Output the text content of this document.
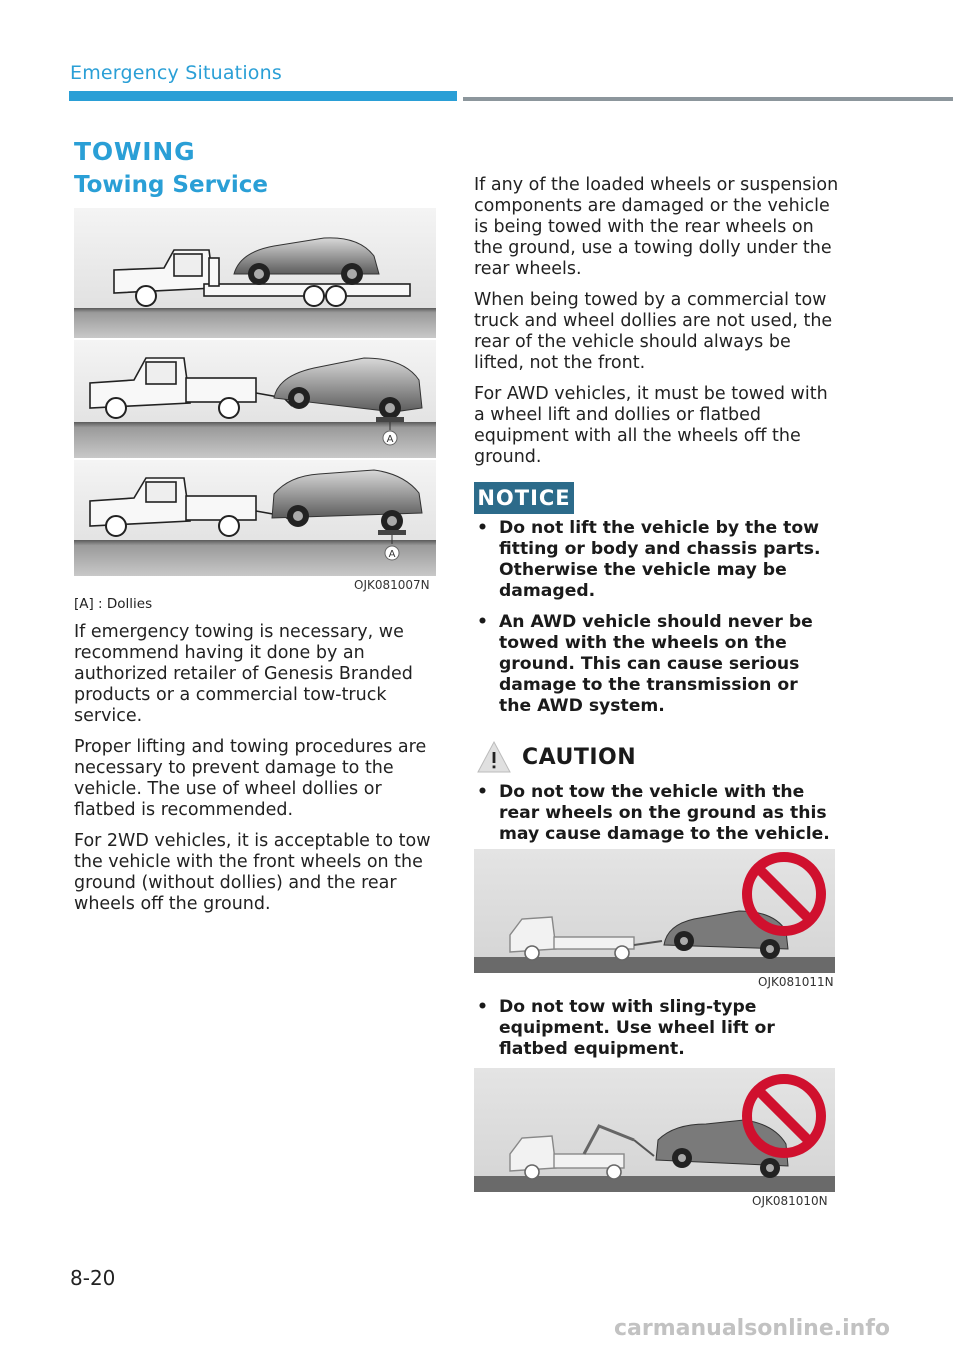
Emergency Situations
TOWING
Towing Service
A
A
OJK081007N
[A] : Dollies

If emergency towing is necessary, we recommend having it done by an authorized retailer of Genesis Branded products or a commercial tow-truck service.

Proper lifting and towing procedures are necessary to prevent damage to the vehicle. The use of wheel dollies or flatbed is recommended.

For 2WD vehicles, it is acceptable to tow the vehicle with the front wheels on the ground (without dollies) and the rear wheels off the ground.

If any of the loaded wheels or suspension components are damaged or the vehicle is being towed with the rear wheels on the ground, use a towing dolly under the rear wheels.

When being towed by a commercial tow truck and wheel dollies are not used, the rear of the vehicle should always be lifted, not the front.

For AWD vehicles, it must be towed with a wheel lift and dollies or flatbed equipment with all the wheels off the ground.

NOTICE
• Do not lift the vehicle by the tow fitting or body and chassis parts. Otherwise the vehicle may be damaged.
• An AWD vehicle should never be towed with the wheels on the ground. This can cause serious damage to the transmission or the AWD system.
CAUTION
• Do not tow the vehicle with the rear wheels on the ground as this may cause damage to the vehicle.
OJK081011N
• Do not tow with sling-type equipment. Use wheel lift or flatbed equipment.
OJK081010N
8-20
carmanualsonline.info
